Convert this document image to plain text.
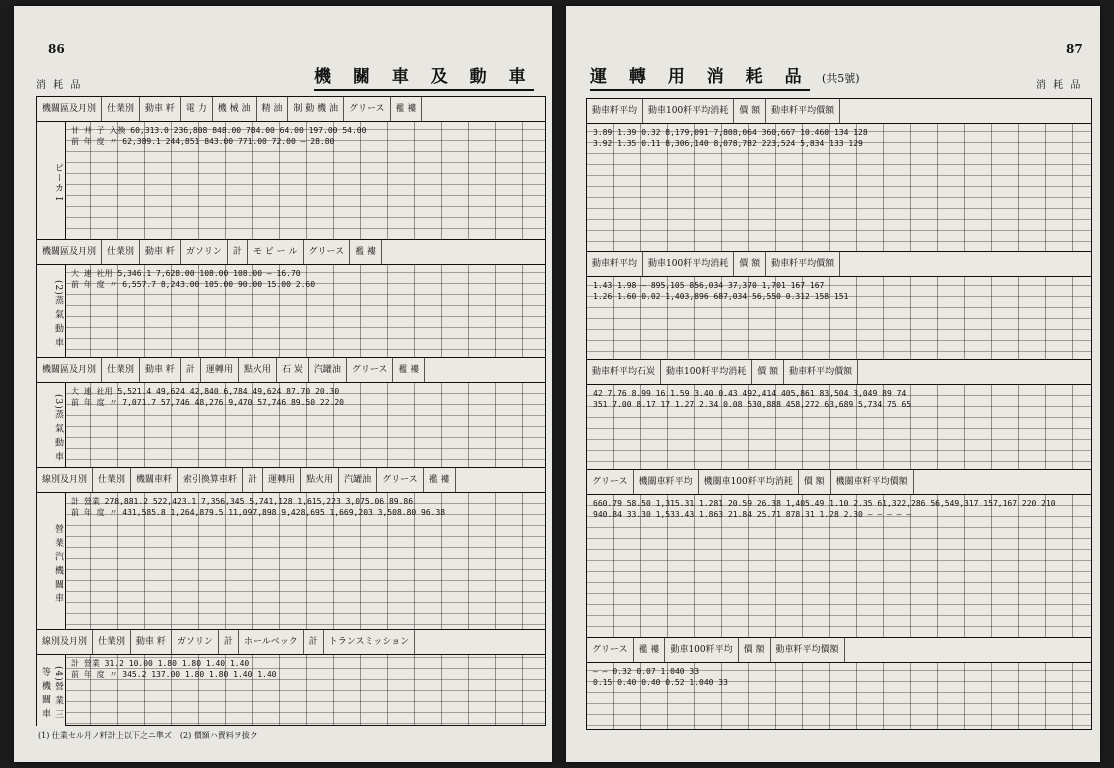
86
消 耗 品	機 關 車 及 動 車
機關區及月別	仕業別	動車 粁	電 力	機 械 油	精 油	制 動 機 油	グリース	襤 褸
ピーカ I
甘 井 子 入換 60,313.0 236,808 848.00 784.00 64.00 197.00 54.00
前 年 度 〃 62,389.1 244,851 843.00 771.00 72.00 — 28.80
機關區及月別	仕業別	動車 粁	ガソリン	計	モ ビ ー ル	グリース	襤 褸
(2)蒸 氣 動 車
大 連 社用 5,346.1 7,628.00 108.00 108.00 — 16.70
前 年 度 〃 6,557.7 8,243.00 105.00 90.00 15.00 2.60
機關區及月別	仕業別	動車 粁	計	運轉用	點火用	石 炭	汽罐油	グリース	襤 褸
(3)蒸 氣 動 車
大 連 社用 5,521.4 49,624 42,840 6,784 49,624 87.70 20.30
前 年 度 〃 7,071.7 57,746 48,276 9,470 57,746 89.50 22.20
線別及月別	仕業別	機關車粁	索引換算車粁	計	運轉用	點火用	汽罐油	グリース	襤 褸
營 業 汽 機 關 車
計 營業 278,881.2 522,423.1 7,356,345 5,741,128 1,615,223 3,075.06 89.86
前 年 度 〃 431,585.8 1,264,879.5 11,097,898 9,428,695 1,669,203 3,508.80 96.38
線別及月別	仕業別	動車 粁	ガソリン	計	ホールベック	計	トランスミッション
(4)營 業 三 等 機 關 車
計 營業 31.2 10.00 1.80 1.80 1.40 1.40
前 年 度 〃 345.2 137.00 1.80 1.80 1.40 1.40
(1) 仕業セル月ノ粁計上以下之ニ準ズ　(2) 價額ハ賣料ヲ拔ク
87
消 耗 品
運 轉 用 消 耗 品 (共5號)
動車粁平均	動車100粁平均消耗	價 額	動車粁平均價額
3.89 1.39 0.32 8,179,091 7,808,064 360,667 10.460 134 128
3.92 1.35 0.11 8,306,140 8,078,782 223,524 5,834 133 129
動車粁平均	動車100粁平均消耗	價 額	動車粁平均價額
1.43 1.98 — 895,105 856,034 37,370 1,701 167 167
1.26 1.60 0.02 1,403,896 687,034 56,550 0.312 158 151
動車粁平均石炭	動車100粁平均消耗	價 額	動車粁平均價額
42 7.76 8.99 16 1.59 3.40 0.43 492,414 405,861 83,504 3,049 89 74
351 7.00 8.17 17 1.27 2.34 0.08 530,888 458,272 63,689 5,734 75 65
グリース	機關車粁平均	機關車100粁平均消耗	價 額	機關車粁平均價額
660.79 58.50 1,315.31 1.281 20.59 26.38 1,405.49 1.10 2.35 61,322,286 56,549,317 157,167 220 210
940.84 33.30 1,533.43 1.863 21.84 25.71 878.31 1.28 2.30 — — — — —
グリース	襤 褸	動車100粁平均	價 額	動車粁平均價額
— — 0.32 0.07 1.040 33
0.15 0.40 0.40 0.52 1.040 33
